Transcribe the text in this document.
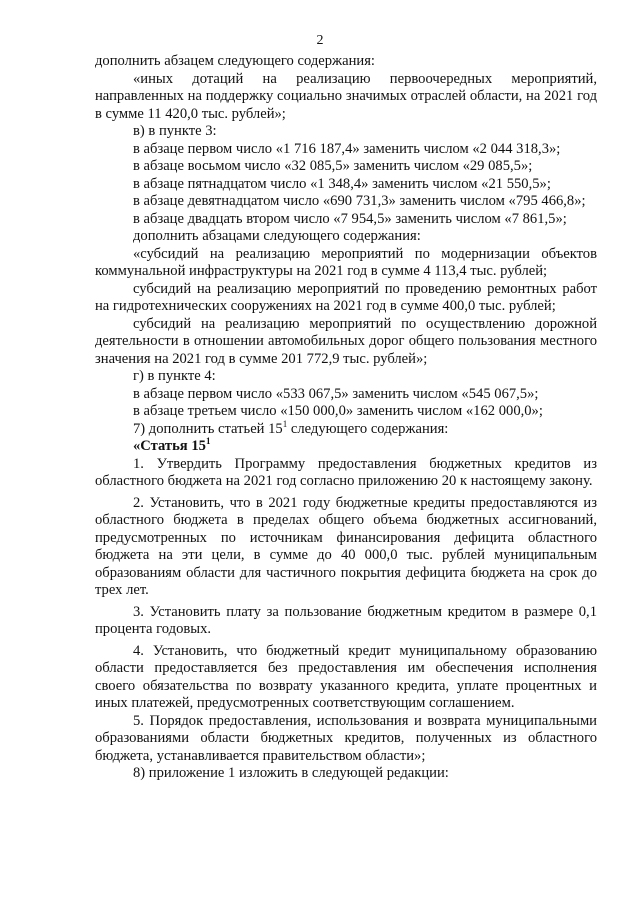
2

дополнить абзацем следующего содержания:

«иных дотаций на реализацию первоочередных мероприятий, направленных на поддержку социально значимых отраслей области, на 2021 год в сумме 11 420,0 тыс. рублей»;

в) в пункте 3:

в абзаце первом число «1 716 187,4» заменить числом «2 044 318,3»;

в абзаце восьмом число «32 085,5» заменить числом «29 085,5»;

в абзаце пятнадцатом число «1 348,4» заменить числом «21 550,5»;

в абзаце девятнадцатом число «690 731,3» заменить числом «795 466,8»;

в абзаце двадцать втором число «7 954,5» заменить числом «7 861,5»;

дополнить абзацами следующего содержания:

«субсидий на реализацию мероприятий по модернизации объектов коммунальной инфраструктуры на 2021 год в сумме 4 113,4 тыс. рублей;

субсидий на реализацию мероприятий по проведению ремонтных работ на гидротехнических сооружениях на 2021 год в сумме 400,0 тыс. рублей;

субсидий на реализацию мероприятий по осуществлению дорожной деятельности в отношении автомобильных дорог общего пользования местного значения на 2021 год в сумме 201 772,9 тыс. рублей»;

г) в пункте 4:

в абзаце первом число «533 067,5» заменить числом «545 067,5»;

в абзаце третьем число «150 000,0» заменить числом «162 000,0»;

7) дополнить статьей $15^1$ следующего содержания:

«Статья $15^1$

1. Утвердить Программу предоставления бюджетных кредитов из областного бюджета на 2021 год согласно приложению 20 к настоящему закону.

2. Установить, что в 2021 году бюджетные кредиты предоставляются из областного бюджета в пределах общего объема бюджетных ассигнований, предусмотренных по источникам финансирования дефицита областного бюджета на эти цели, в сумме до 40 000,0 тыс. рублей муниципальным образованиям области для частичного покрытия дефицита бюджета на срок до трех лет.

3. Установить плату за пользование бюджетным кредитом в размере 0,1 процента годовых.

4. Установить, что бюджетный кредит муниципальному образованию области предоставляется без предоставления им обеспечения исполнения своего обязательства по возврату указанного кредита, уплате процентных и иных платежей, предусмотренных соответствующим соглашением.

5. Порядок предоставления, использования и возврата муниципальными образованиями области бюджетных кредитов, полученных из областного бюджета, устанавливается правительством области»;

8) приложение 1 изложить в следующей редакции:
